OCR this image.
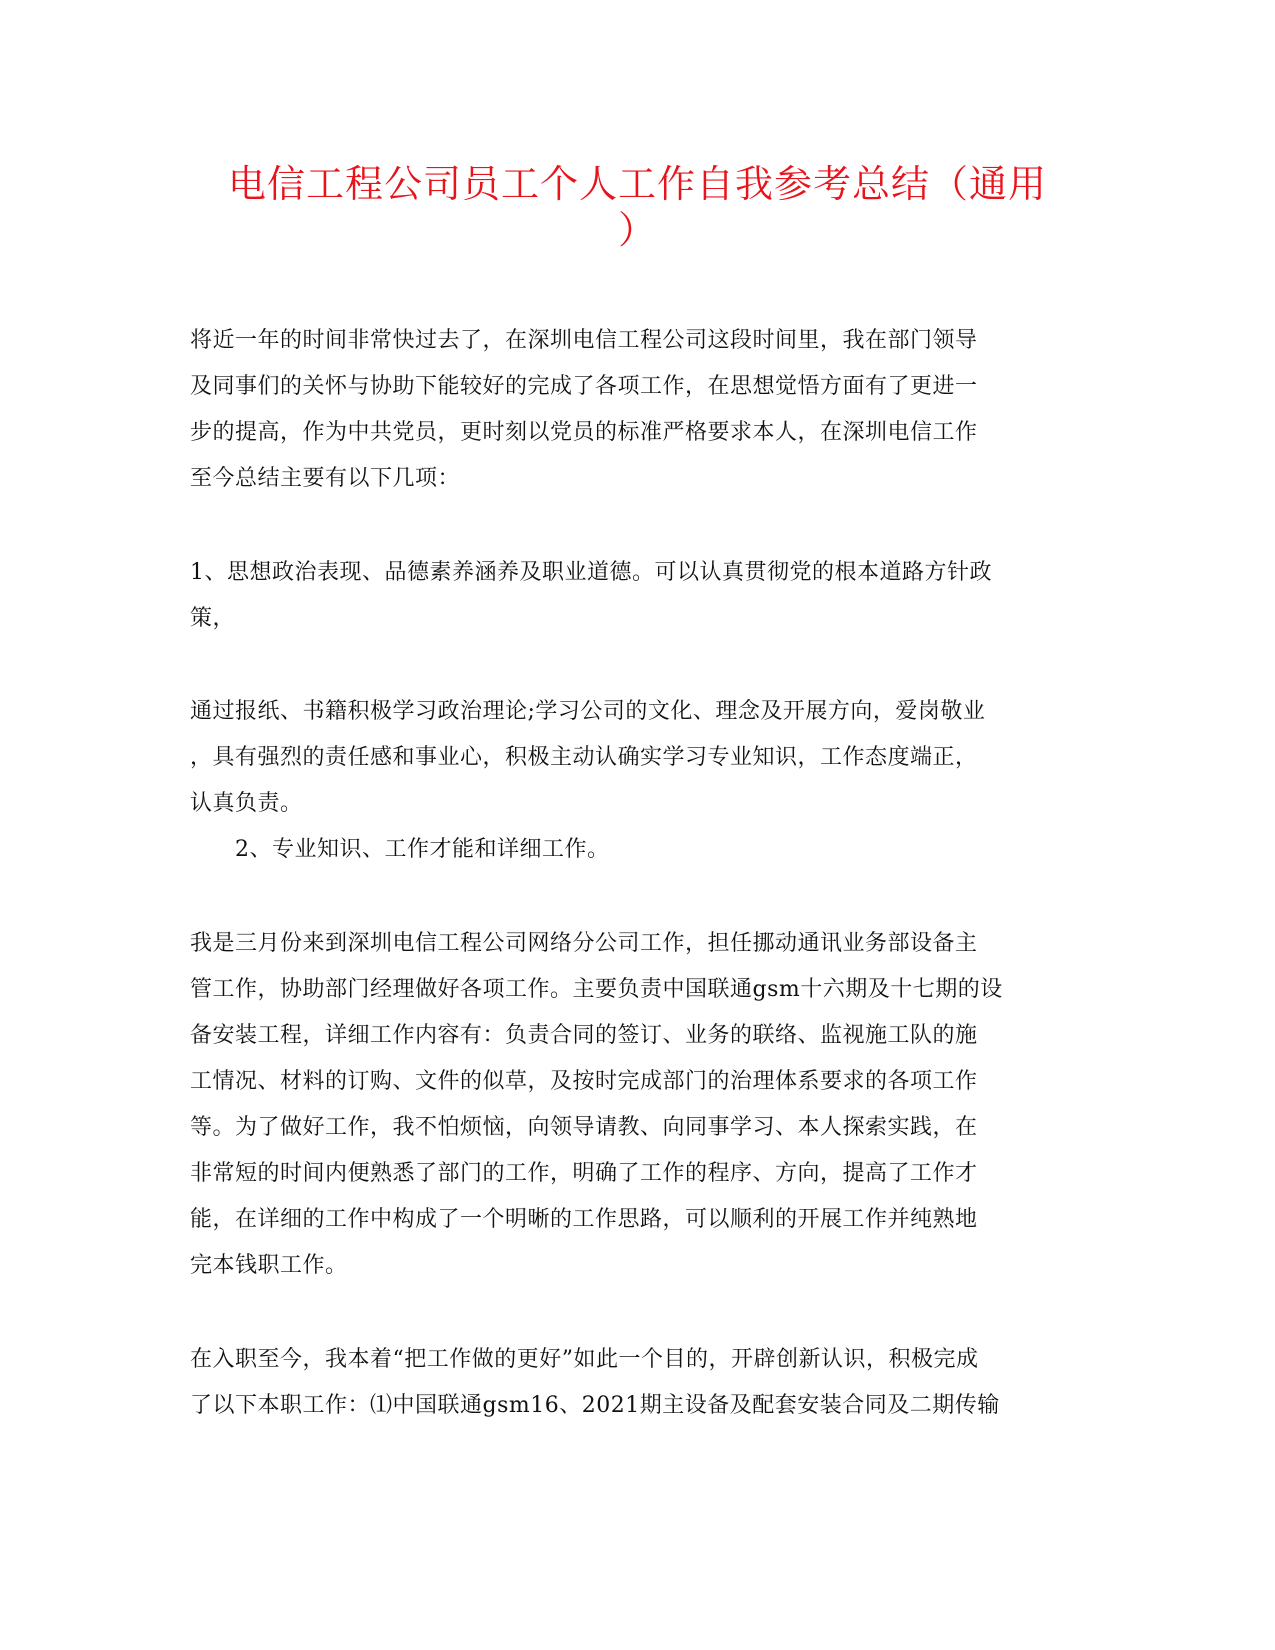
电信工程公司员工个人工作自我参考总结（通用
）
将近一年的时间非常快过去了，在深圳电信工程公司这段时间里，我在部门领导
及同事们的关怀与协助下能较好的完成了各项工作，在思想觉悟方面有了更进一
步的提高，作为中共党员，更时刻以党员的标准严格要求本人，在深圳电信工作
至今总结主要有以下几项：
1、思想政治表现、品德素养涵养及职业道德。可以认真贯彻党的根本道路方针政
策，
通过报纸、书籍积极学习政治理论;学习公司的文化、理念及开展方向，爱岗敬业
，具有强烈的责任感和事业心，积极主动认确实学习专业知识，工作态度端正，
认真负责。
　　2、专业知识、工作才能和详细工作。
我是三月份来到深圳电信工程公司网络分公司工作，担任挪动通讯业务部设备主
管工作，协助部门经理做好各项工作。主要负责中国联通gsm十六期及十七期的设
备安装工程，详细工作内容有：负责合同的签订、业务的联络、监视施工队的施
工情况、材料的订购、文件的似草，及按时完成部门的治理体系要求的各项工作
等。为了做好工作，我不怕烦恼，向领导请教、向同事学习、本人探索实践，在
非常短的时间内便熟悉了部门的工作，明确了工作的程序、方向，提高了工作才
能，在详细的工作中构成了一个明晰的工作思路，可以顺利的开展工作并纯熟地
完本钱职工作。
在入职至今，我本着“把工作做的更好”如此一个目的，开辟创新认识，积极完成
了以下本职工作：⑴中国联通gsm16、2021期主设备及配套安装合同及二期传输
